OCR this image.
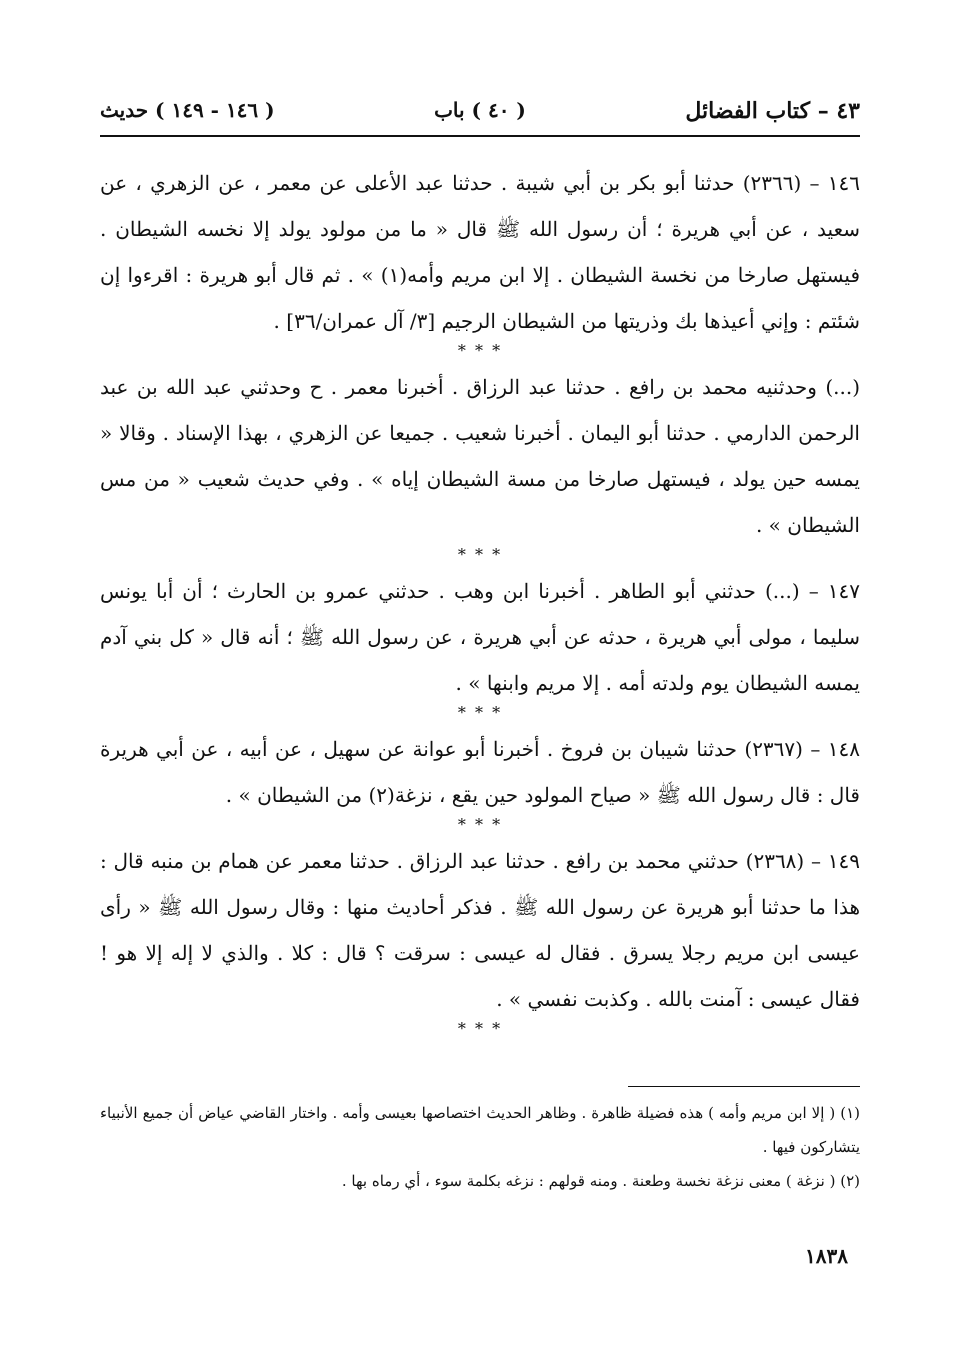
٤٣ – كتاب الفضائل
( ٤٠ ) باب
( ١٤٦ - ١٤٩ ) حديث

١٤٦ – (٢٣٦٦) حدثنا أبو بكر بن أبي شيبة . حدثنا عبد الأعلى عن معمر ، عن الزهري ، عن سعيد ، عن أبي هريرة ؛ أن رسول الله ﷺ قال « ما من مولود يولد إلا نخسه الشيطان . فيستهل صارخا من نخسة الشيطان . إلا ابن مريم وأمه(١) » . ثم قال أبو هريرة : اقرءوا إن شئتم : وإني أعيذها بك وذريتها من الشيطان الرجيم [٣/ آل عمران/٣٦] .

* * *

(...) وحدثنيه محمد بن رافع . حدثنا عبد الرزاق . أخبرنا معمر . ح وحدثني عبد الله بن عبد الرحمن الدارمي . حدثنا أبو اليمان . أخبرنا شعيب . جميعا عن الزهري ، بهذا الإسناد . وقالا « يمسه حين يولد ، فيستهل صارخا من مسة الشيطان إياه » . وفي حديث شعيب « من مس الشيطان » .

* * *

١٤٧ – (...) حدثني أبو الطاهر . أخبرنا ابن وهب . حدثني عمرو بن الحارث ؛ أن أبا يونس سليما ، مولى أبي هريرة ، حدثه عن أبي هريرة ، عن رسول الله ﷺ ؛ أنه قال « كل بني آدم يمسه الشيطان يوم ولدته أمه . إلا مريم وابنها » .

* * *

١٤٨ – (٢٣٦٧) حدثنا شيبان بن فروخ . أخبرنا أبو عوانة عن سهيل ، عن أبيه ، عن أبي هريرة قال : قال رسول الله ﷺ « صياح المولود حين يقع ، نزغة(٢) من الشيطان » .

* * *

١٤٩ – (٢٣٦٨) حدثني محمد بن رافع . حدثنا عبد الرزاق . حدثنا معمر عن همام بن منبه قال : هذا ما حدثنا أبو هريرة عن رسول الله ﷺ . فذكر أحاديث منها : وقال رسول الله ﷺ « رأى عيسى ابن مريم رجلا يسرق . فقال له عيسى : سرقت ؟ قال : كلا . والذي لا إله إلا هو ! فقال عيسى : آمنت بالله . وكذبت نفسي » .

* * *

(١) ( إلا ابن مريم وأمه ) هذه فضيلة ظاهرة . وظاهر الحديث اختصاصها بعيسى وأمه . واختار القاضي عياض أن جميع الأنبياء يتشاركون فيها .

(٢) ( نزغة ) معنى نزغة نخسة وطعنة . ومنه قولهم : نزغه بكلمة سوء ، أي رماه بها .

١٨٣٨
